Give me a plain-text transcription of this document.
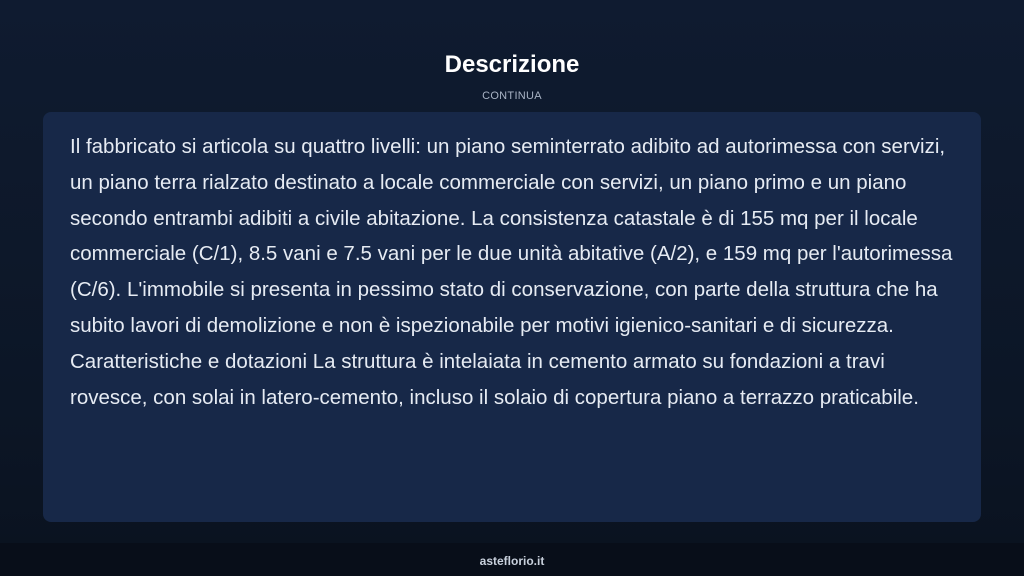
Descrizione
CONTINUA

Il fabbricato si articola su quattro livelli: un piano seminterrato adibito ad autorimessa con servizi, un piano terra rialzato destinato a locale commerciale con servizi, un piano primo e un piano secondo entrambi adibiti a civile abitazione. La consistenza catastale è di 155 mq per il locale commerciale (C/1), 8.5 vani e 7.5 vani per le due unità abitative (A/2), e 159 mq per l'autorimessa (C/6). L'immobile si presenta in pessimo stato di conservazione, con parte della struttura che ha subito lavori di demolizione e non è ispezionabile per motivi igienico-sanitari e di sicurezza. Caratteristiche e dotazioni La struttura è intelaiata in cemento armato su fondazioni a travi rovesce, con solai in latero-cemento, incluso il solaio di copertura piano a terrazzo praticabile.

asteflorio.it
